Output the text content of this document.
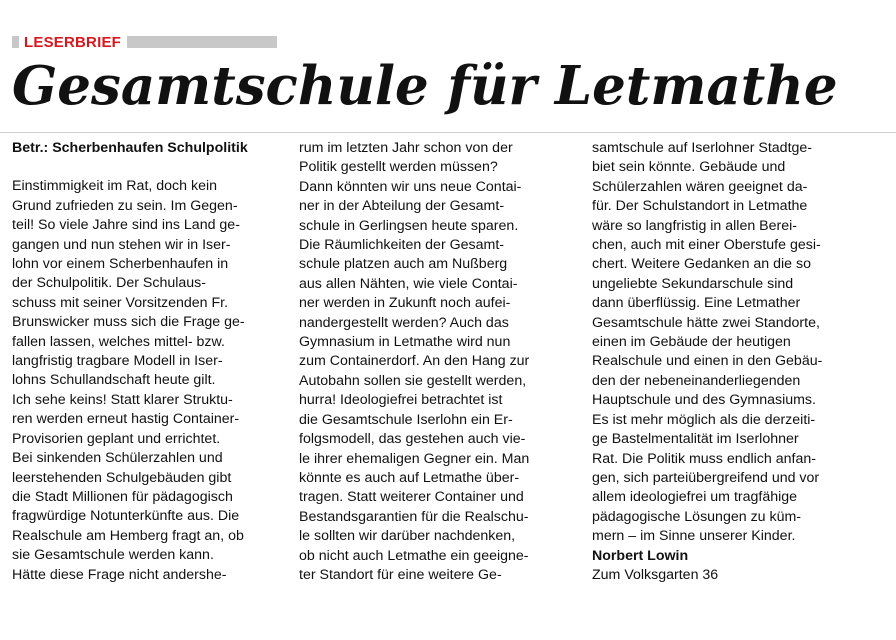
LESERBRIEF
Gesamtschule für Letmathe
Betr.: Scherbenhaufen Schulpolitik
Einstimmigkeit im Rat, doch kein
Grund zufrieden zu sein. Im Gegen-
teil! So viele Jahre sind ins Land ge-
gangen und nun stehen wir in Iser-
lohn vor einem Scherbenhaufen in
der Schulpolitik. Der Schulaus-
schuss mit seiner Vorsitzenden Fr.
Brunswicker muss sich die Frage ge-
fallen lassen, welches mittel- bzw.
langfristig tragbare Modell in Iser-
lohns Schullandschaft heute gilt.
Ich sehe keins! Statt klarer Struktu-
ren werden erneut hastig Container-
Provisorien geplant und errichtet.
Bei sinkenden Schülerzahlen und
leerstehenden Schulgebäuden gibt
die Stadt Millionen für pädagogisch
fragwürdige Notunterkünfte aus. Die
Realschule am Hemberg fragt an, ob
sie Gesamtschule werden kann.
Hätte diese Frage nicht andershe-
rum im letzten Jahr schon von der
Politik gestellt werden müssen?
Dann könnten wir uns neue Contai-
ner in der Abteilung der Gesamt-
schule in Gerlingsen heute sparen.
Die Räumlichkeiten der Gesamt-
schule platzen auch am Nußberg
aus allen Nähten, wie viele Contai-
ner werden in Zukunft noch aufei-
nandergestellt werden? Auch das
Gymnasium in Letmathe wird nun
zum Containerdorf. An den Hang zur
Autobahn sollen sie gestellt werden,
hurra! Ideologiefrei betrachtet ist
die Gesamtschule Iserlohn ein Er-
folgsmodell, das gestehen auch vie-
le ihrer ehemaligen Gegner ein. Man
könnte es auch auf Letmathe über-
tragen. Statt weiterer Container und
Bestandsgarantien für die Realschu-
le sollten wir darüber nachdenken,
ob nicht auch Letmathe ein geeigne-
ter Standort für eine weitere Ge-
samtschule auf Iserlohner Stadtge-
biet sein könnte. Gebäude und
Schülerzahlen wären geeignet da-
für. Der Schulstandort in Letmathe
wäre so langfristig in allen Berei-
chen, auch mit einer Oberstufe gesi-
chert. Weitere Gedanken an die so
ungeliebte Sekundarschule sind
dann überflüssig. Eine Letmather
Gesamtschule hätte zwei Standorte,
einen im Gebäude der heutigen
Realschule und einen in den Gebäu-
den der nebeneinanderliegenden
Hauptschule und des Gymnasiums.
Es ist mehr möglich als die derzeiti-
ge Bastelmentalität im Iserlohner
Rat. Die Politik muss endlich anfan-
gen, sich parteiübergreifend und vor
allem ideologiefrei um tragfähige
pädagogische Lösungen zu küm-
mern – im Sinne unserer Kinder.
Norbert Lowin
Zum Volksgarten 36
